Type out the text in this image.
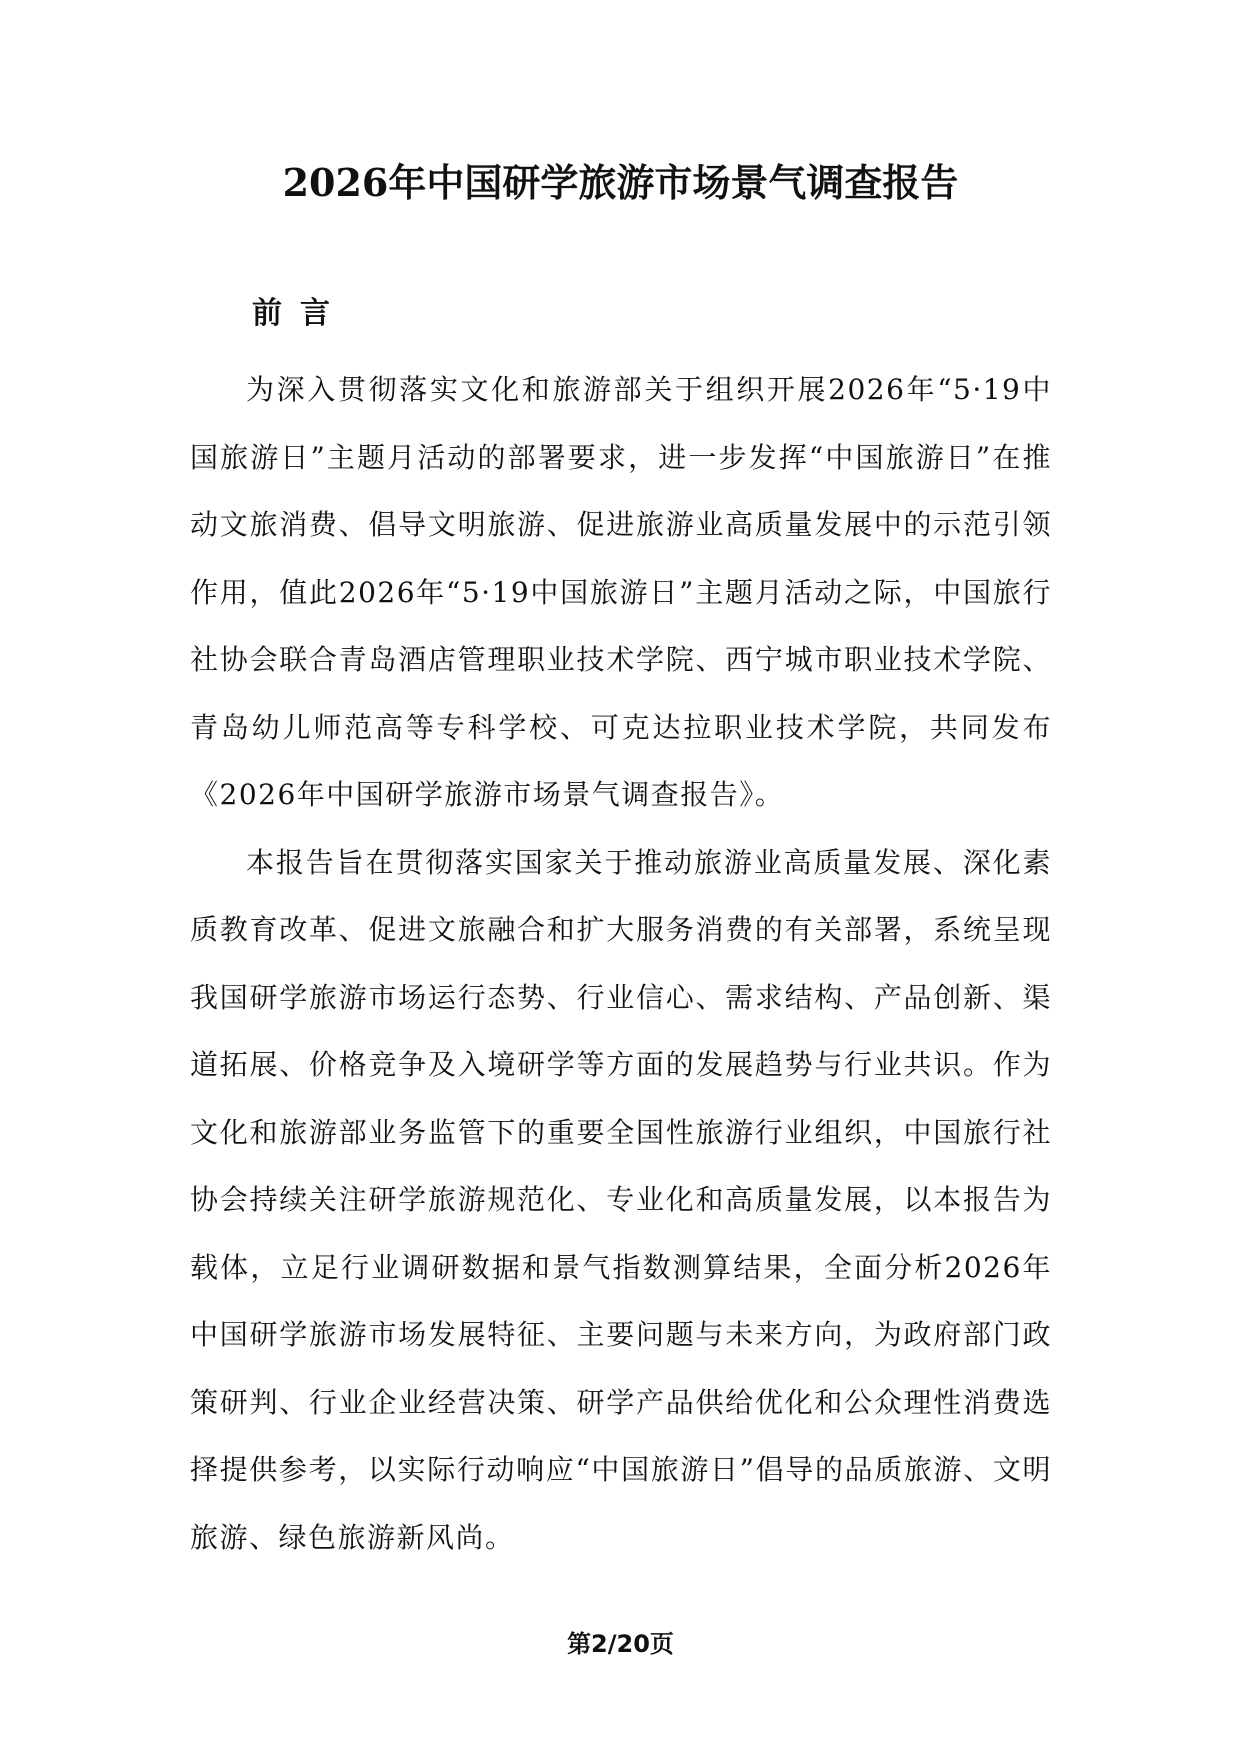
2026年中国研学旅游市场景气调查报告
前言

为深入贯彻落实文化和旅游部关于组织开展2026年“5·19中国旅游日”主题月活动的部署要求，进一步发挥“中国旅游日”在推动文旅消费、倡导文明旅游、促进旅游业高质量发展中的示范引领作用，值此2026年“5·19中国旅游日”主题月活动之际，中国旅行社协会联合青岛酒店管理职业技术学院、西宁城市职业技术学院、青岛幼儿师范高等专科学校、可克达拉职业技术学院，共同发布《2026年中国研学旅游市场景气调查报告》。

本报告旨在贯彻落实国家关于推动旅游业高质量发展、深化素质教育改革、促进文旅融合和扩大服务消费的有关部署，系统呈现我国研学旅游市场运行态势、行业信心、需求结构、产品创新、渠道拓展、价格竞争及入境研学等方面的发展趋势与行业共识。作为文化和旅游部业务监管下的重要全国性旅游行业组织，中国旅行社协会持续关注研学旅游规范化、专业化和高质量发展，以本报告为载体，立足行业调研数据和景气指数测算结果，全面分析2026年中国研学旅游市场发展特征、主要问题与未来方向，为政府部门政策研判、行业企业经营决策、研学产品供给优化和公众理性消费选择提供参考，以实际行动响应“中国旅游日”倡导的品质旅游、文明旅游、绿色旅游新风尚。

第2/20页
